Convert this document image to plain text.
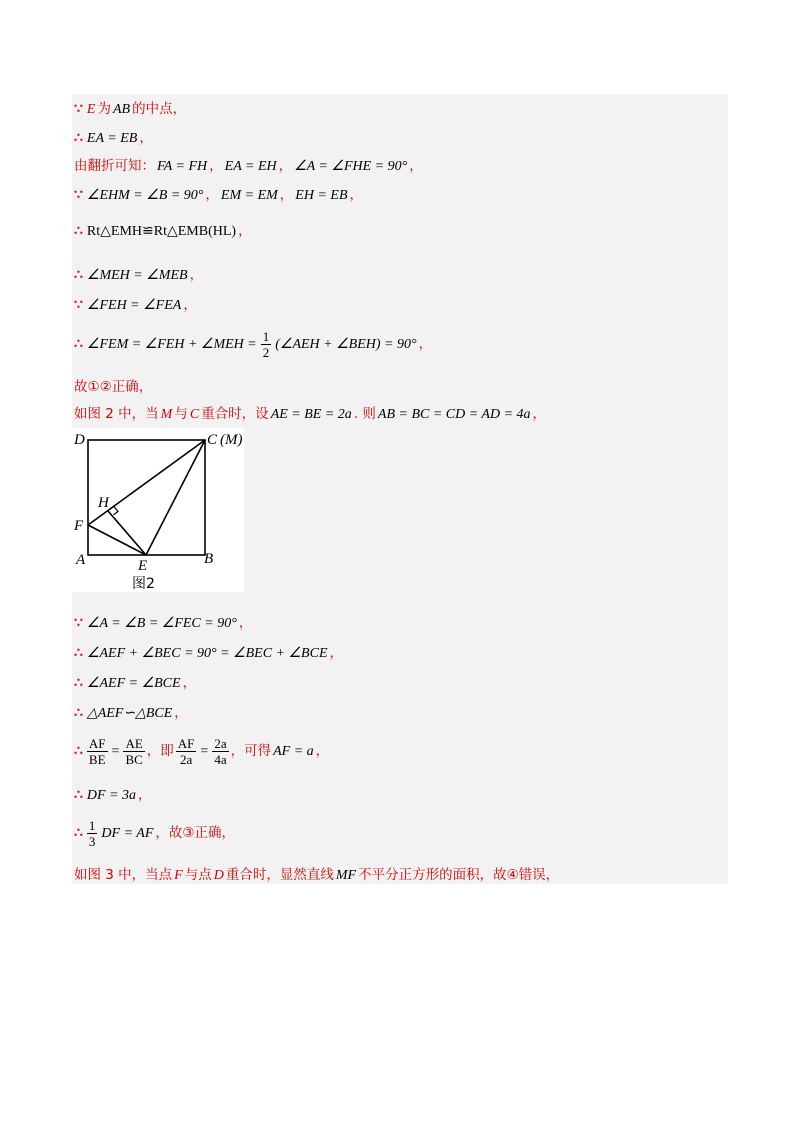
∵ E 为 AB 的中点，
∴ EA = EB ，
由翻折可知： FA = FH ， EA = EH ， ∠A = ∠FHE = 90° ，
∵ ∠EHM = ∠B = 90° ， EM = EM ， EH = EB ，
∴ Rt△EMH≌Rt△EMB(HL) ，
∴ ∠MEH = ∠MEB ，
∵ ∠FEH = ∠FEA ，
∴ ∠FEM = ∠FEH + ∠MEH = $\frac{1}{2}$ (∠AEH + ∠BEH) = 90° ，
故①②正确，
如图 2 中，当 M 与 C 重合时，设 AE = BE = 2a . 则 AB = BC = CD = AD = 4a ，
D	C (M)
H
F
A	E	B
图2
∵ ∠A = ∠B = ∠FEC = 90° ，
∴ ∠AEF + ∠BEC = 90° = ∠BEC + ∠BCE ，
∴ ∠AEF = ∠BCE ，
∴ △AEF∽△BCE ，
∴ $\frac{AF}{BE} = \frac{AE}{BC}$ ，即 $\frac{AF}{2a} = \frac{2a}{4a}$ ，可得 AF = a ，
∴ DF = 3a ，
∴ $\frac{1}{3}$ DF = AF ，故③正确，
如图 3 中，当点 F 与点 D 重合时，显然直线 MF 不平分正方形的面积，故④错误，
